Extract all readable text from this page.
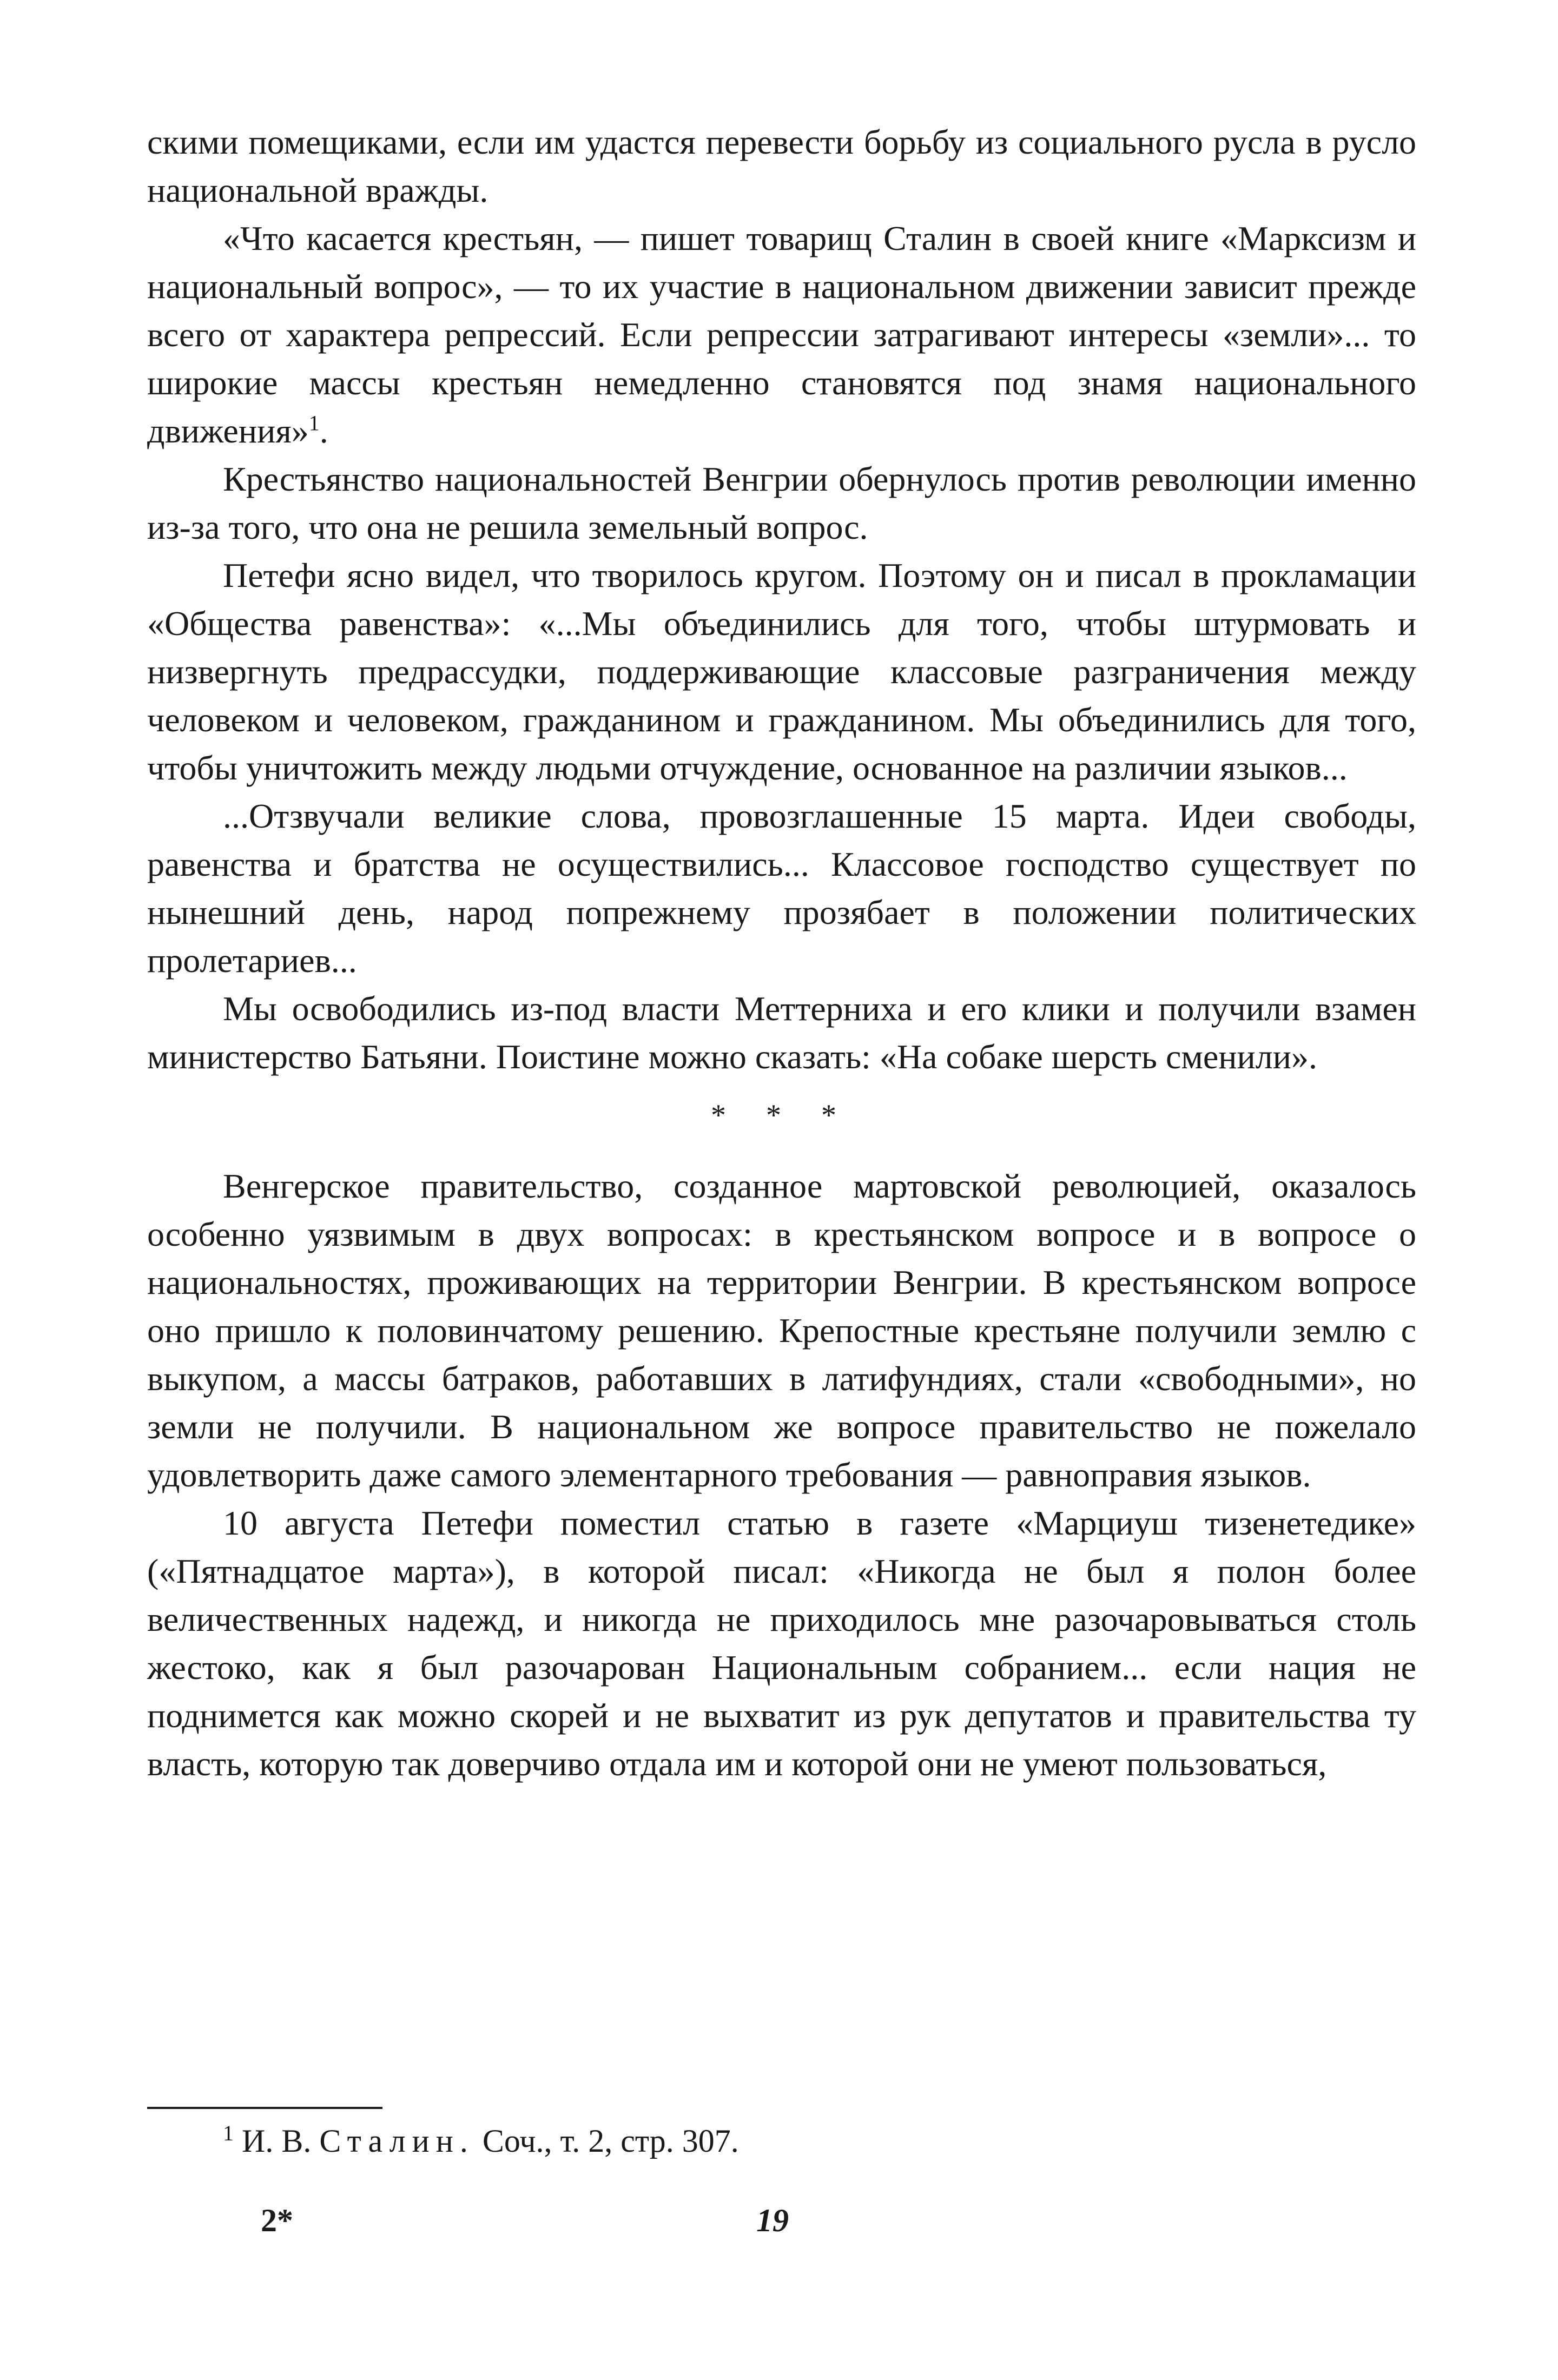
скими помещиками, если им удастся перевести борьбу из социального русла в русло национальной вражды.

«Что касается крестьян, — пишет товарищ Сталин в своей книге «Марксизм и национальный вопрос», — то их участие в национальном движении зависит прежде всего от характера репрессий. Если репрессии затрагивают интересы «земли»... то широкие массы крестьян немедленно становятся под знамя национального движения»$^1$.

Крестьянство национальностей Венгрии обернулось против революции именно из-за того, что она не решила земельный вопрос.

Петефи ясно видел, что творилось кругом. Поэтому он и писал в прокламации «Общества равенства»: «...Мы объединились для того, чтобы штурмовать и низвергнуть предрассудки, поддерживающие классовые разграничения между человеком и человеком, гражданином и гражданином. Мы объединились для того, чтобы уничтожить между людьми отчуждение, основанное на различии языков...

...Отзвучали великие слова, провозглашенные 15 марта. Идеи свободы, равенства и братства не осуществились... Классовое господство существует по нынешний день, народ попрежнему прозябает в положении политических пролетариев...

Мы освободились из-под власти Меттерниха и его клики и получили взамен министерство Батьяни. Поистине можно сказать: «На собаке шерсть сменили».

* * *

Венгерское правительство, созданное мартовской революцией, оказалось особенно уязвимым в двух вопросах: в крестьянском вопросе и в вопросе о национальностях, проживающих на территории Венгрии. В крестьянском вопросе оно пришло к половинчатому решению. Крепостные крестьяне получили землю с выкупом, а массы батраков, работавших в латифундиях, стали «свободными», но земли не получили. В национальном же вопросе правительство не пожелало удовлетворить даже самого элементарного требования — равноправия языков.

10 августа Петефи поместил статью в газете «Марциуш тизенетедике» («Пятнадцатое марта»), в которой писал: «Никогда не был я полон более величественных надежд, и никогда не приходилось мне разочаровываться столь жестоко, как я был разочарован Национальным собранием... если нация не поднимется как можно скорей и не выхватит из рук депутатов и правительства ту власть, которую так доверчиво отдала им и которой они не умеют пользоваться,

$^1$ И. В. Сталин. Соч., т. 2, стр. 307.
2*	19
